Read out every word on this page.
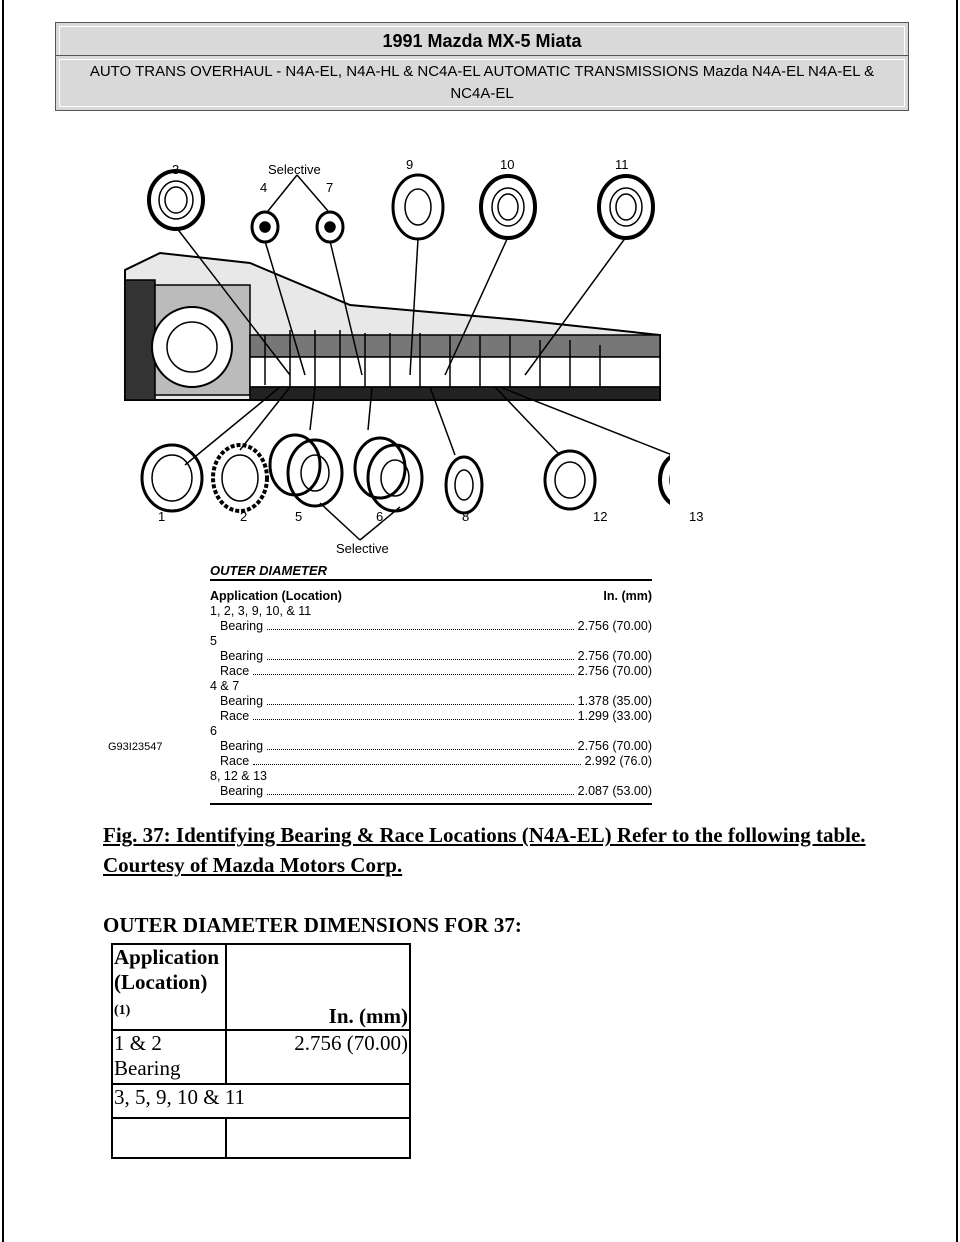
1991 Mazda MX-5 Miata
AUTO TRANS OVERHAUL - N4A-EL, N4A-HL & NC4A-EL AUTOMATIC TRANSMISSIONS Mazda N4A-EL N4A-EL & NC4A-EL
3	Selective
4	7
9	10	11
1	2	5	6	8	12	13
Selective
OUTER DIAMETER
Application (Location)	In. (mm)
1, 2, 3, 9, 10, & 11
Bearing	2.756 (70.00)
5
Bearing	2.756 (70.00)
Race	2.756 (70.00)
4 & 7
Bearing	1.378 (35.00)
Race	1.299 (33.00)
6
Bearing	2.756 (70.00)
Race	2.992 (76.0)
8, 12 & 13
Bearing	2.087 (53.00)
G93I23547
Fig. 37: Identifying Bearing & Race Locations (N4A-EL) Refer to the following table. Courtesy of Mazda Motors Corp.
OUTER DIAMETER DIMENSIONS FOR 37:
Application
(Location)
(1)	In. (mm)
1 & 2
Bearing	2.756 (70.00)
3, 5, 9, 10 & 11	
